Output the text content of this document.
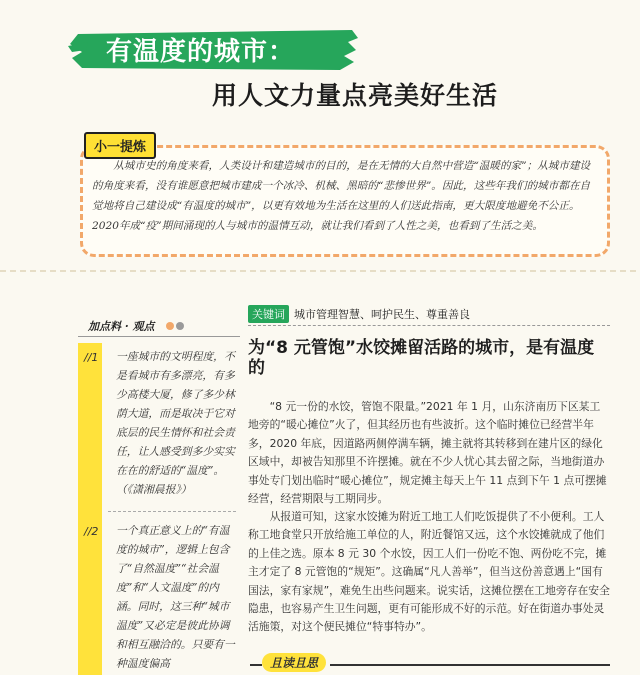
有温度的城市：
用人文力量点亮美好生活
小一提炼
从城市史的角度来看，人类设计和建造城市的目的，是在无情的大自然中营造“温暖的家”；从城市建设的角度来看，没有谁愿意把城市建成一个冰冷、机械、黑暗的“悲惨世界”。因此，这些年我们的城市都在自觉地将自己建设成“有温度的城市”，以更有效地为生活在这里的人们送此指南，更大限度地避免不公正。2020年成“疫”期间涌现的人与城市的温情互动，就让我们看到了人性之美，也看到了生活之美。
加点料 · 观点
//1 一座城市的文明程度，不是看城市有多漂亮，有多少高楼大厦，修了多少林荫大道，而是取决于它对底层的民生情怀和社会责任，让人感受到多少实实在在的舒适的“温度”。（《潇湘晨报》）
//2 一个真正意义上的“有温度的城市”，逻辑上包含了“自然温度”“社会温度”和“人文温度”的内涵。同时，这三种“城市温度”又必定是彼此协调和相互融洽的。只要有一种温度偏高
关键词 城市管理智慧、呵护民生、尊重善良
为“8 元管饱”水饺摊留活路的城市，是有温度的
“8 元一份的水饺，管饱不限量。”2021 年 1 月，山东济南历下区某工地旁的“暖心摊位”火了，但其经历也有些波折。这个临时摊位已经营半年多，2020 年底，因道路两侧停满车辆，摊主就将其转移到在建片区的绿化区域中，却被告知那里不许摆摊。就在不少人忧心其去留之际，当地街道办事处专门划出临时“暖心摊位”，规定摊主每天上午 11 点到下午 1 点可摆摊经营，经营期限与工期同步。
从报道可知，这家水饺摊为附近工地工人们吃饭提供了不小便利。工人称工地食堂只开放给施工单位的人，附近餐馆又远，这个水饺摊就成了他们的上佳之选。原本 8 元 30 个水饺，因工人们一份吃不饱、两份吃不完，摊主才定了 8 元管饱的“规矩”。这确属“凡人善举”，但当这份善意遇上“国有国法，家有家规”，难免生出些问题来。说实话，这摊位摆在工地旁存在安全隐患，也容易产生卫生问题，更有可能形成不好的示范。好在街道办事处灵活施策，对这个便民摊位“特事特办”。
且读且思
